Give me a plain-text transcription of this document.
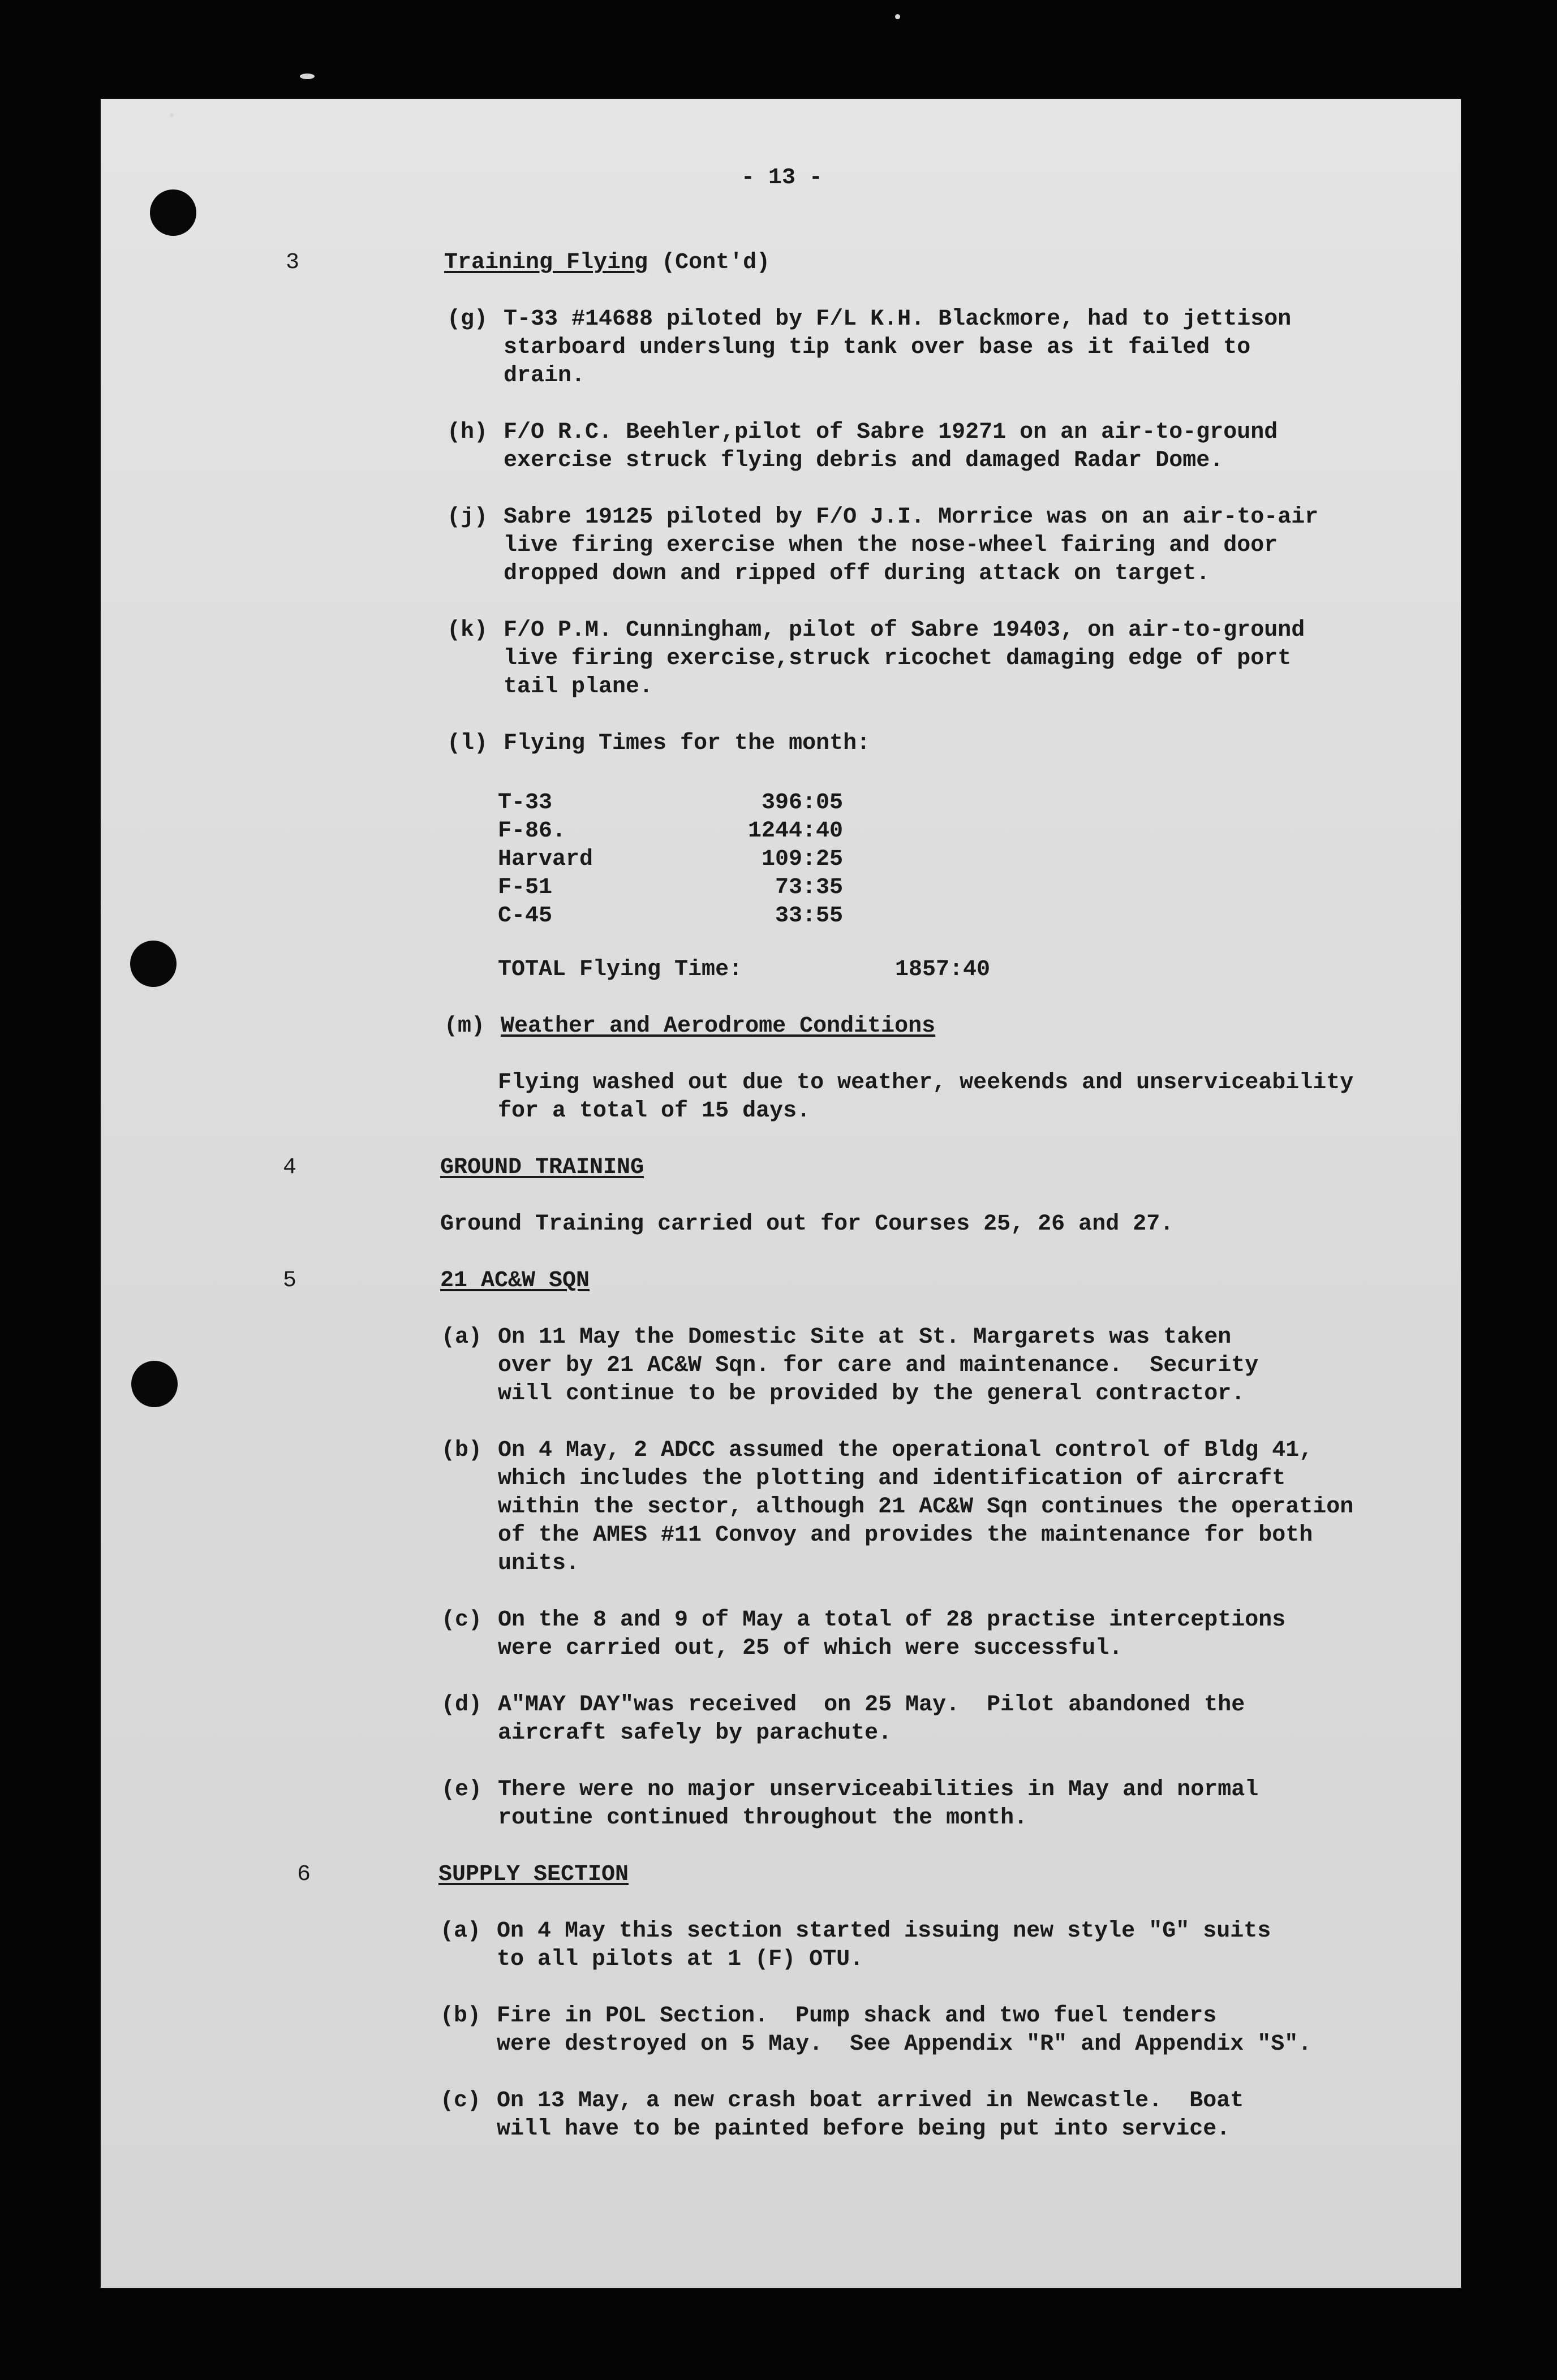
- 13 -
3	Training Flying (Cont'd)
(g) T-33 #14688 piloted by F/L K.H. Blackmore, had to jettison
starboard underslung tip tank over base as it failed to
drain.
(h) F/O R.C. Beehler,pilot of Sabre 19271 on an air-to-ground
exercise struck flying debris and damaged Radar Dome.
(j) Sabre 19125 piloted by F/O J.I. Morrice was on an air-to-air
live firing exercise when the nose-wheel fairing and door
dropped down and ripped off during attack on target.
(k) F/O P.M. Cunningham, pilot of Sabre 19403, on air-to-ground
live firing exercise,struck ricochet damaging edge of port
tail plane.
(l) Flying Times for the month:
T-33	396:05
F-86.	1244:40
Harvard	109:25
F-51	73:35
C-45	33:55
TOTAL Flying Time:	1857:40
(m) Weather and Aerodrome Conditions
Flying washed out due to weather, weekends and unserviceability
for a total of 15 days.
4	GROUND TRAINING
Ground Training carried out for Courses 25, 26 and 27.
5	21 AC&W SQN
(a) On 11 May the Domestic Site at St. Margarets was taken
over by 21 AC&W Sqn. for care and maintenance.  Security
will continue to be provided by the general contractor.
(b) On 4 May, 2 ADCC assumed the operational control of Bldg 41,
which includes the plotting and identification of aircraft
within the sector, although 21 AC&W Sqn continues the operation
of the AMES #11 Convoy and provides the maintenance for both
units.
(c) On the 8 and 9 of May a total of 28 practise interceptions
were carried out, 25 of which were successful.
(d) A"MAY DAY"was received  on 25 May.  Pilot abandoned the
aircraft safely by parachute.
(e) There were no major unserviceabilities in May and normal
routine continued throughout the month.
6	SUPPLY SECTION
(a) On 4 May this section started issuing new style "G" suits
to all pilots at 1 (F) OTU.
(b) Fire in POL Section.  Pump shack and two fuel tenders
were destroyed on 5 May.  See Appendix "R" and Appendix "S".
(c) On 13 May, a new crash boat arrived in Newcastle.  Boat
will have to be painted before being put into service.
